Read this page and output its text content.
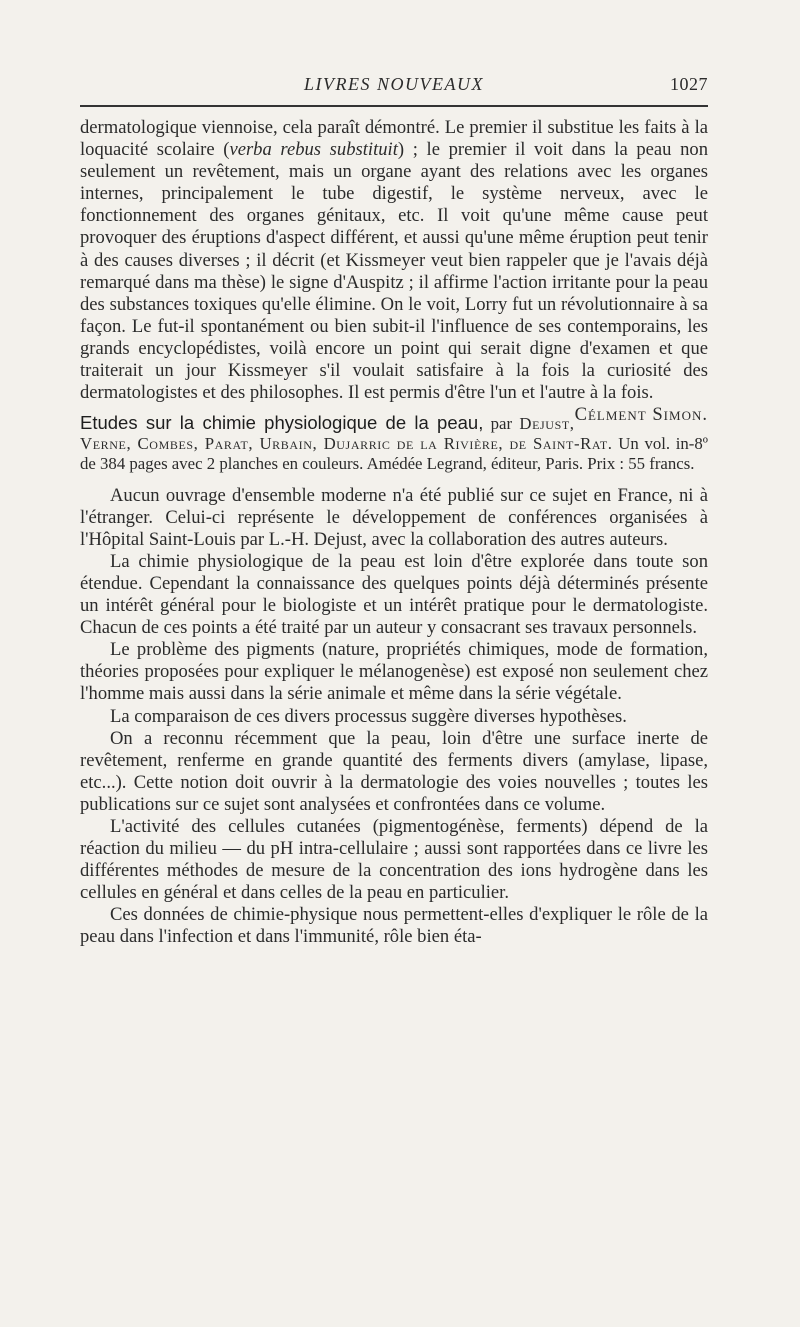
LIVRES NOUVEAUX	1027

dermatologique viennoise, cela paraît démontré. Le premier il substitue les faits à la loquacité scolaire (verba rebus substituit) ; le premier il voit dans la peau non seulement un revêtement, mais un organe ayant des relations avec les organes internes, principalement le tube digestif, le système nerveux, avec le fonctionnement des organes génitaux, etc. Il voit qu'une même cause peut provoquer des éruptions d'aspect différent, et aussi qu'une même éruption peut tenir à des causes diverses ; il décrit (et Kissmeyer veut bien rappeler que je l'avais déjà remarqué dans ma thèse) le signe d'Auspitz ; il affirme l'action irritante pour la peau des substances toxiques qu'elle élimine. On le voit, Lorry fut un révolutionnaire à sa façon. Le fut-il spontanément ou bien subit-il l'influence de ses contemporains, les grands encyclopédistes, voilà encore un point qui serait digne d'examen et que traiterait un jour Kissmeyer s'il voulait satisfaire à la fois la curiosité des dermatologistes et des philosophes. Il est permis d'être l'un et l'autre à la fois.
Célment Simon.

Etudes sur la chimie physiologique de la peau, par Dejust, Verne, Combes, Parat, Urbain, Dujarric de la Rivière, de Saint-Rat. Un vol. in-8º de 384 pages avec 2 planches en couleurs. Amédée Legrand, éditeur, Paris. Prix : 55 francs.

Aucun ouvrage d'ensemble moderne n'a été publié sur ce sujet en France, ni à l'étranger. Celui-ci représente le développement de conférences organisées à l'Hôpital Saint-Louis par L.-H. Dejust, avec la collaboration des autres auteurs.

La chimie physiologique de la peau est loin d'être explorée dans toute son étendue. Cependant la connaissance des quelques points déjà déterminés présente un intérêt général pour le biologiste et un intérêt pratique pour le dermatologiste. Chacun de ces points a été traité par un auteur y consacrant ses travaux personnels.

Le problème des pigments (nature, propriétés chimiques, mode de formation, théories proposées pour expliquer le mélanogenèse) est exposé non seulement chez l'homme mais aussi dans la série animale et même dans la série végétale.

La comparaison de ces divers processus suggère diverses hypothèses.

On a reconnu récemment que la peau, loin d'être une surface inerte de revêtement, renferme en grande quantité des ferments divers (amylase, lipase, etc...). Cette notion doit ouvrir à la dermatologie des voies nouvelles ; toutes les publications sur ce sujet sont analysées et confrontées dans ce volume.

L'activité des cellules cutanées (pigmentogénèse, ferments) dépend de la réaction du milieu — du pH intra-cellulaire ; aussi sont rapportées dans ce livre les différentes méthodes de mesure de la concentration des ions hydrogène dans les cellules en général et dans celles de la peau en particulier.

Ces données de chimie-physique nous permettent-elles d'expliquer le rôle de la peau dans l'infection et dans l'immunité, rôle bien éta-
